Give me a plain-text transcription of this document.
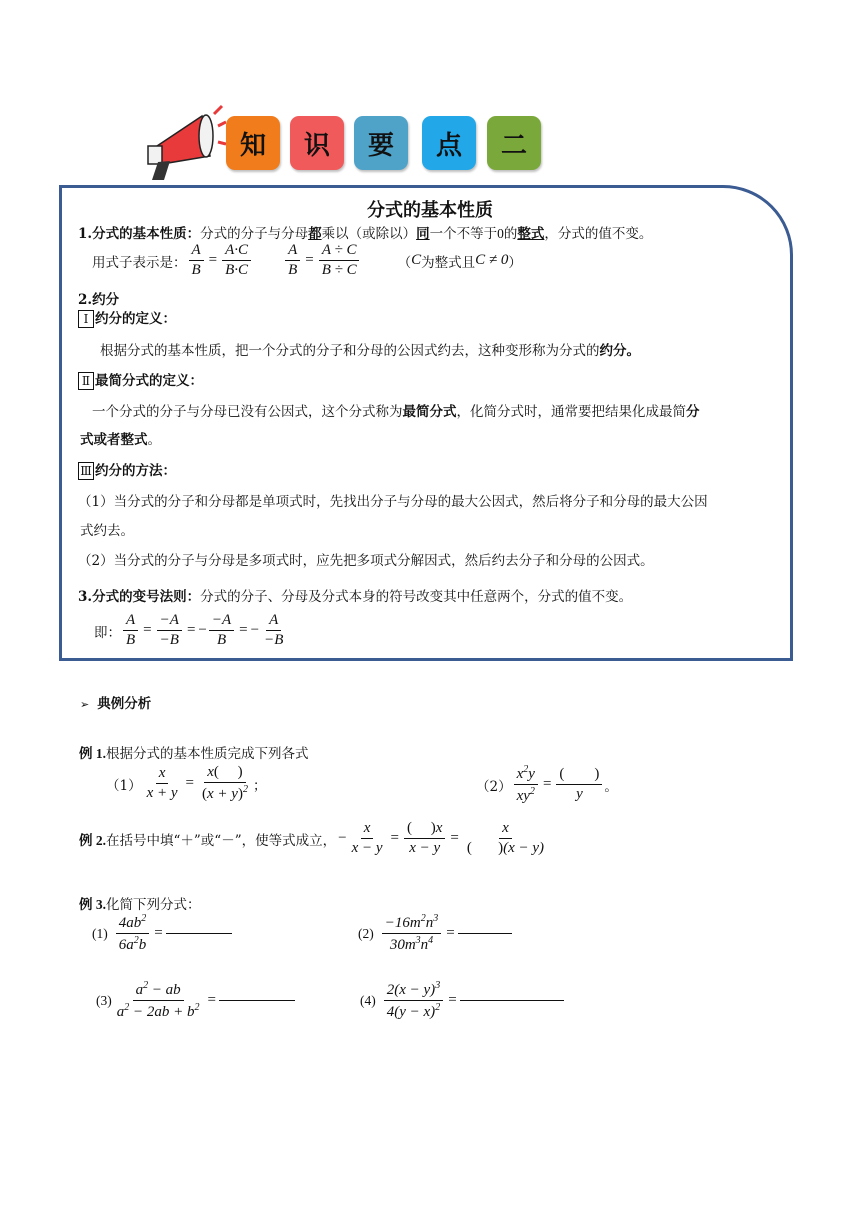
知	识	要	点	二
分式的基本性质
1.分式的基本性质：分式的分子与分母都乘以（或除以）同一个不等于0的整式，分式的值不变。
用式子表示是： $\frac{A}{B} = \frac{A\cdot C}{B\cdot C} \frac{A}{B} = \frac{A \div C}{B \div C}$	（ C 为整式且 C ≠ 0 ）
2.约分
Ⅰ 约分的定义：
根据分式的基本性质，把一个分式的分子和分母的公因式约去，这种变形称为分式的约分。
Ⅱ 最简分式的定义：
一个分式的分子与分母已没有公因式，这个分式称为最简分式，化简分式时，通常要把结果化成最简分
式或者整式。
Ⅲ 约分的方法：
（1）当分式的分子和分母都是单项式时，先找出分子与分母的最大公因式，然后将分子和分母的最大公因
式约去。
（2）当分式的分子与分母是多项式时，应先把多项式分解因式，然后约去分子和分母的公因式。
3.分式的变号法则：分式的分子、分母及分式本身的符号改变其中任意两个，分式的值不变。
即： $\frac{A}{B} = \frac{-A}{-B}$ = − $\frac{-A}{B}$ = − $\frac{A}{-B}$
➢ 典例分析
例 1.根据分式的基本性质完成下列各式
$(1) \frac{x}{x + y} = \frac{x( )}{(x + y)^2}$ ；	$(2) \frac{x^2y}{xy^2} = \frac{( )}{y}$ 。
例 2. 在括号中填“＋”或“－”，使等式成立， − $\frac{x}{x - y} = \frac{( )x}{x - y} = \frac{x}{( )(x - y)}$
例 3.化简下列分式：
$(1) \frac{4ab^2}{6a^2b}$ =	$(2) \frac{-16m^2n^3}{30m^3n^4}$ =
$(3) \frac{a^2 - ab}{a^2 - 2ab + b^2}$ =	$(4) \frac{2(x - y)^3}{4(y - x)^2}$ =
